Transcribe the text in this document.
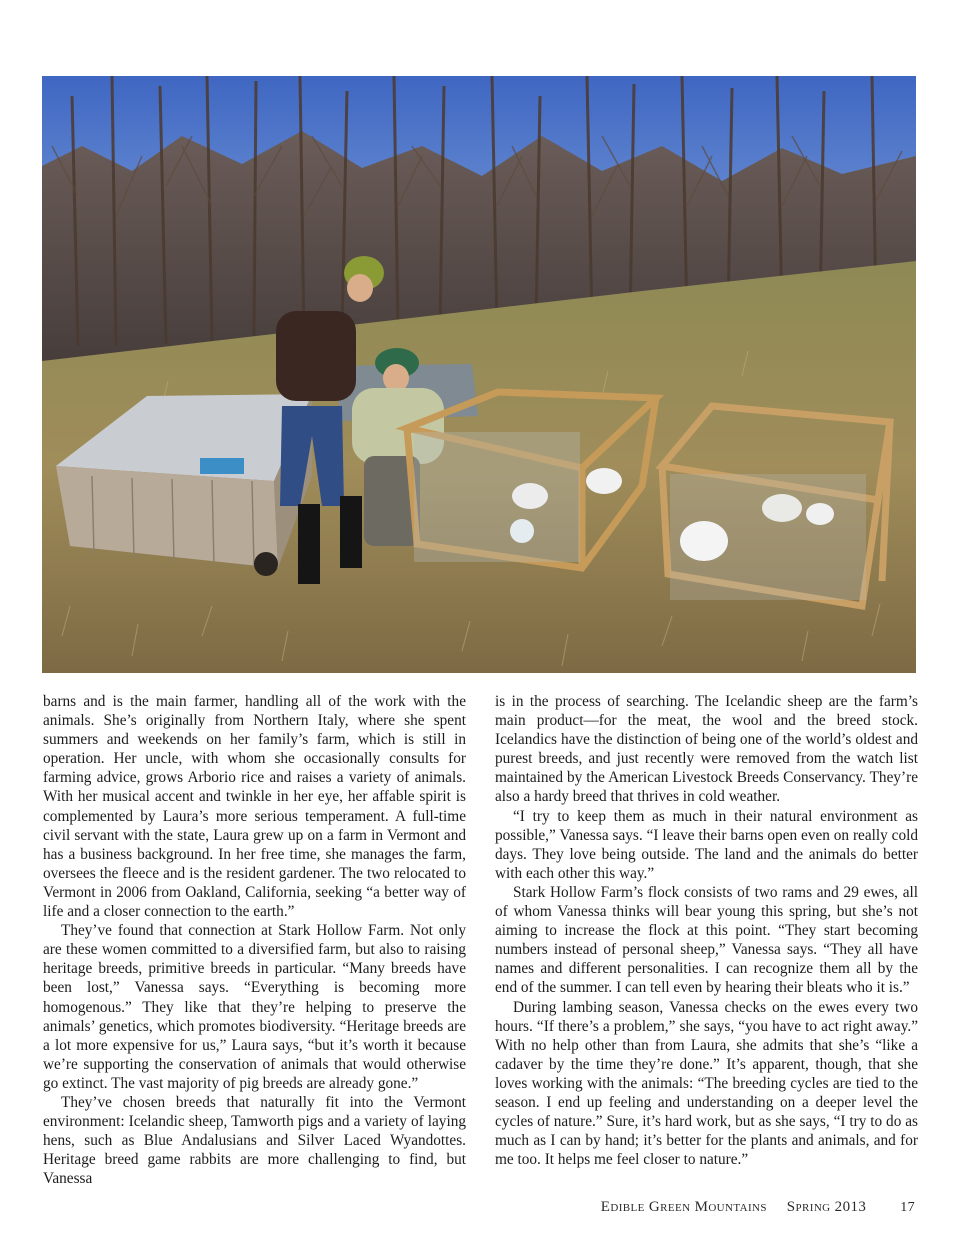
barns and is the main farmer, handling all of the work with the animals. She’s originally from Northern Italy, where she spent summers and weekends on her family’s farm, which is still in operation. Her uncle, with whom she occasionally consults for farming advice, grows Arborio rice and raises a variety of animals. With her musical accent and twinkle in her eye, her affable spirit is complemented by Laura’s more serious temperament. A full-time civil servant with the state, Laura grew up on a farm in Vermont and has a business background. In her free time, she manages the farm, oversees the fleece and is the resident gardener. The two relocated to Vermont in 2006 from Oakland, California, seeking “a better way of life and a closer connection to the earth.”

They’ve found that connection at Stark Hollow Farm. Not only are these women committed to a diversified farm, but also to raising heritage breeds, primitive breeds in particular. “Many breeds have been lost,” Vanessa says. “Everything is becoming more homogenous.” They like that they’re helping to preserve the animals’ genetics, which promotes biodiversity. “Heritage breeds are a lot more expensive for us,” Laura says, “but it’s worth it because we’re supporting the conservation of animals that would otherwise go extinct. The vast majority of pig breeds are already gone.”

They’ve chosen breeds that naturally fit into the Vermont environment: Icelandic sheep, Tamworth pigs and a variety of laying hens, such as Blue Andalusians and Silver Laced Wyandottes. Heritage breed game rabbits are more challenging to find, but Vanessa

is in the process of searching. The Icelandic sheep are the farm’s main product—for the meat, the wool and the breed stock. Icelandics have the distinction of being one of the world’s oldest and purest breeds, and just recently were removed from the watch list maintained by the American Livestock Breeds Conservancy. They’re also a hardy breed that thrives in cold weather.

“I try to keep them as much in their natural environment as possible,” Vanessa says. “I leave their barns open even on really cold days. They love being outside. The land and the animals do better with each other this way.”

Stark Hollow Farm’s flock consists of two rams and 29 ewes, all of whom Vanessa thinks will bear young this spring, but she’s not aiming to increase the flock at this point. “They start becoming numbers instead of personal sheep,” Vanessa says. “They all have names and different personalities. I can recognize them all by the end of the summer. I can tell even by hearing their bleats who it is.”

During lambing season, Vanessa checks on the ewes every two hours. “If there’s a problem,” she says, “you have to act right away.” With no help other than from Laura, she admits that she’s “like a cadaver by the time they’re done.” It’s apparent, though, that she loves working with the animals: “The breeding cycles are tied to the season. I end up feeling and understanding on a deeper level the cycles of nature.” Sure, it’s hard work, but as she says, “I try to do as much as I can by hand; it’s better for the plants and animals, and for me too. It helps me feel closer to nature.”

Edible Green Mountains Spring 2013 17
